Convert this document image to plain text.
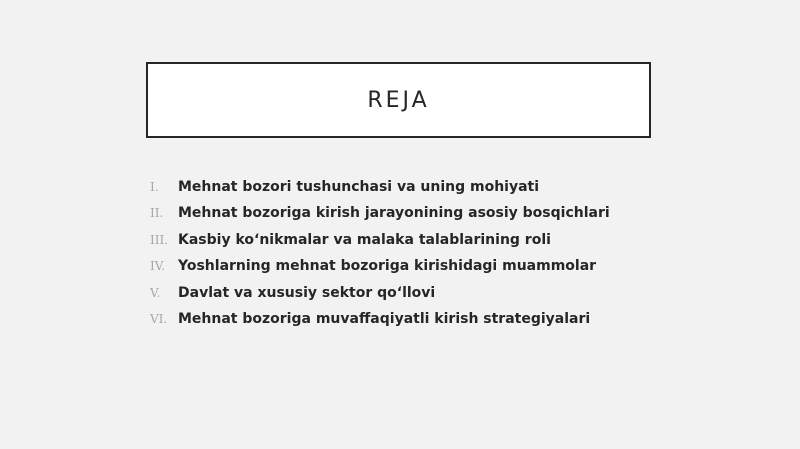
REJA
I.	Mehnat bozori tushunchasi va uning mohiyati
II.	Mehnat bozoriga kirish jarayonining asosiy bosqichlari
III. Kasbiy ko‘nikmalar va malaka talablarining roli
IV. Yoshlarning mehnat bozoriga kirishidagi muammolar
V.	Davlat va xususiy sektor qo‘llovi
VI. Mehnat bozoriga muvaffaqiyatli kirish strategiyalari
